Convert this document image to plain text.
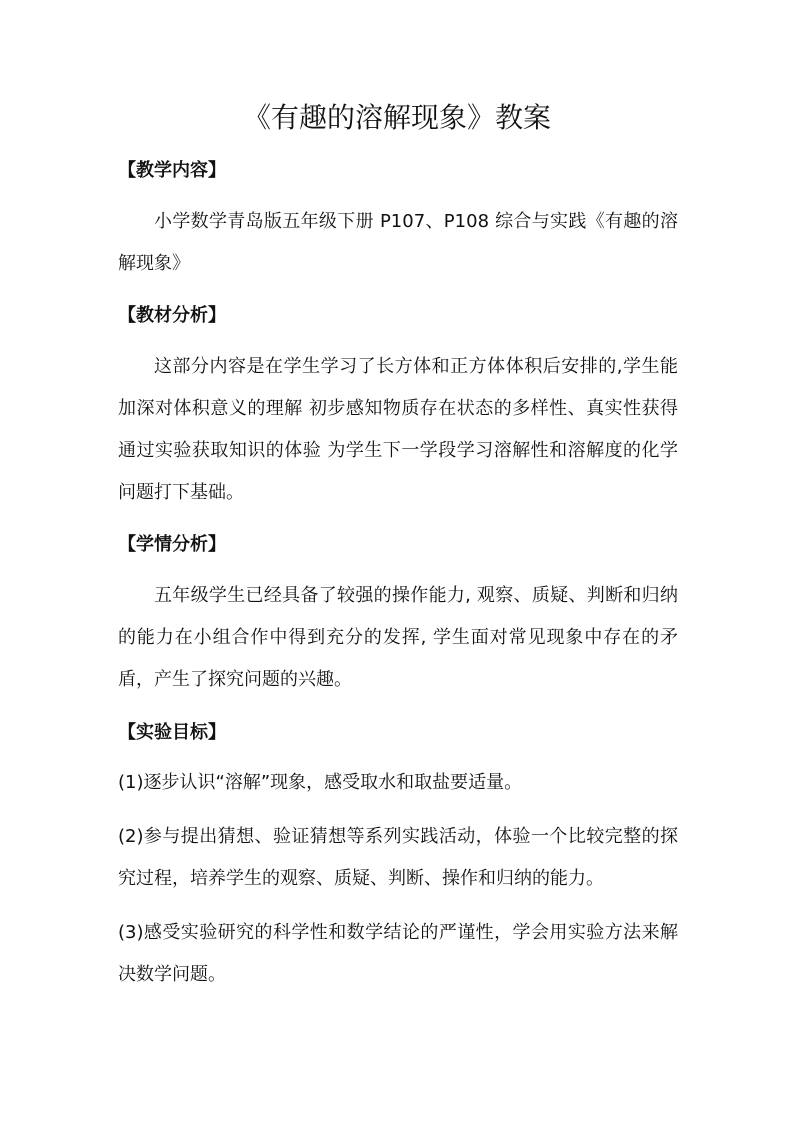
《有趣的溶解现象》教案
【教学内容】

小学数学青岛版五年级下册 P107、P108 综合与实践《有趣的溶解现象》

【教材分析】

这部分内容是在学生学习了长方体和正方体体积后安排的,学生能加深对体积意义的理解 初步感知物质存在状态的多样性、真实性获得通过实验获取知识的体验 为学生下一学段学习溶解性和溶解度的化学问题打下基础。

【学情分析】

五年级学生已经具备了较强的操作能力, 观察、质疑、判断和归纳的能力在小组合作中得到充分的发挥, 学生面对常见现象中存在的矛盾，产生了探究问题的兴趣。

【实验目标】

(1)逐步认识“溶解”现象，感受取水和取盐要适量。

(2)参与提出猜想、验证猜想等系列实践活动，体验一个比较完整的探究过程，培养学生的观察、质疑、判断、操作和归纳的能力。

(3)感受实验研究的科学性和数学结论的严谨性，学会用实验方法来解决数学问题。
